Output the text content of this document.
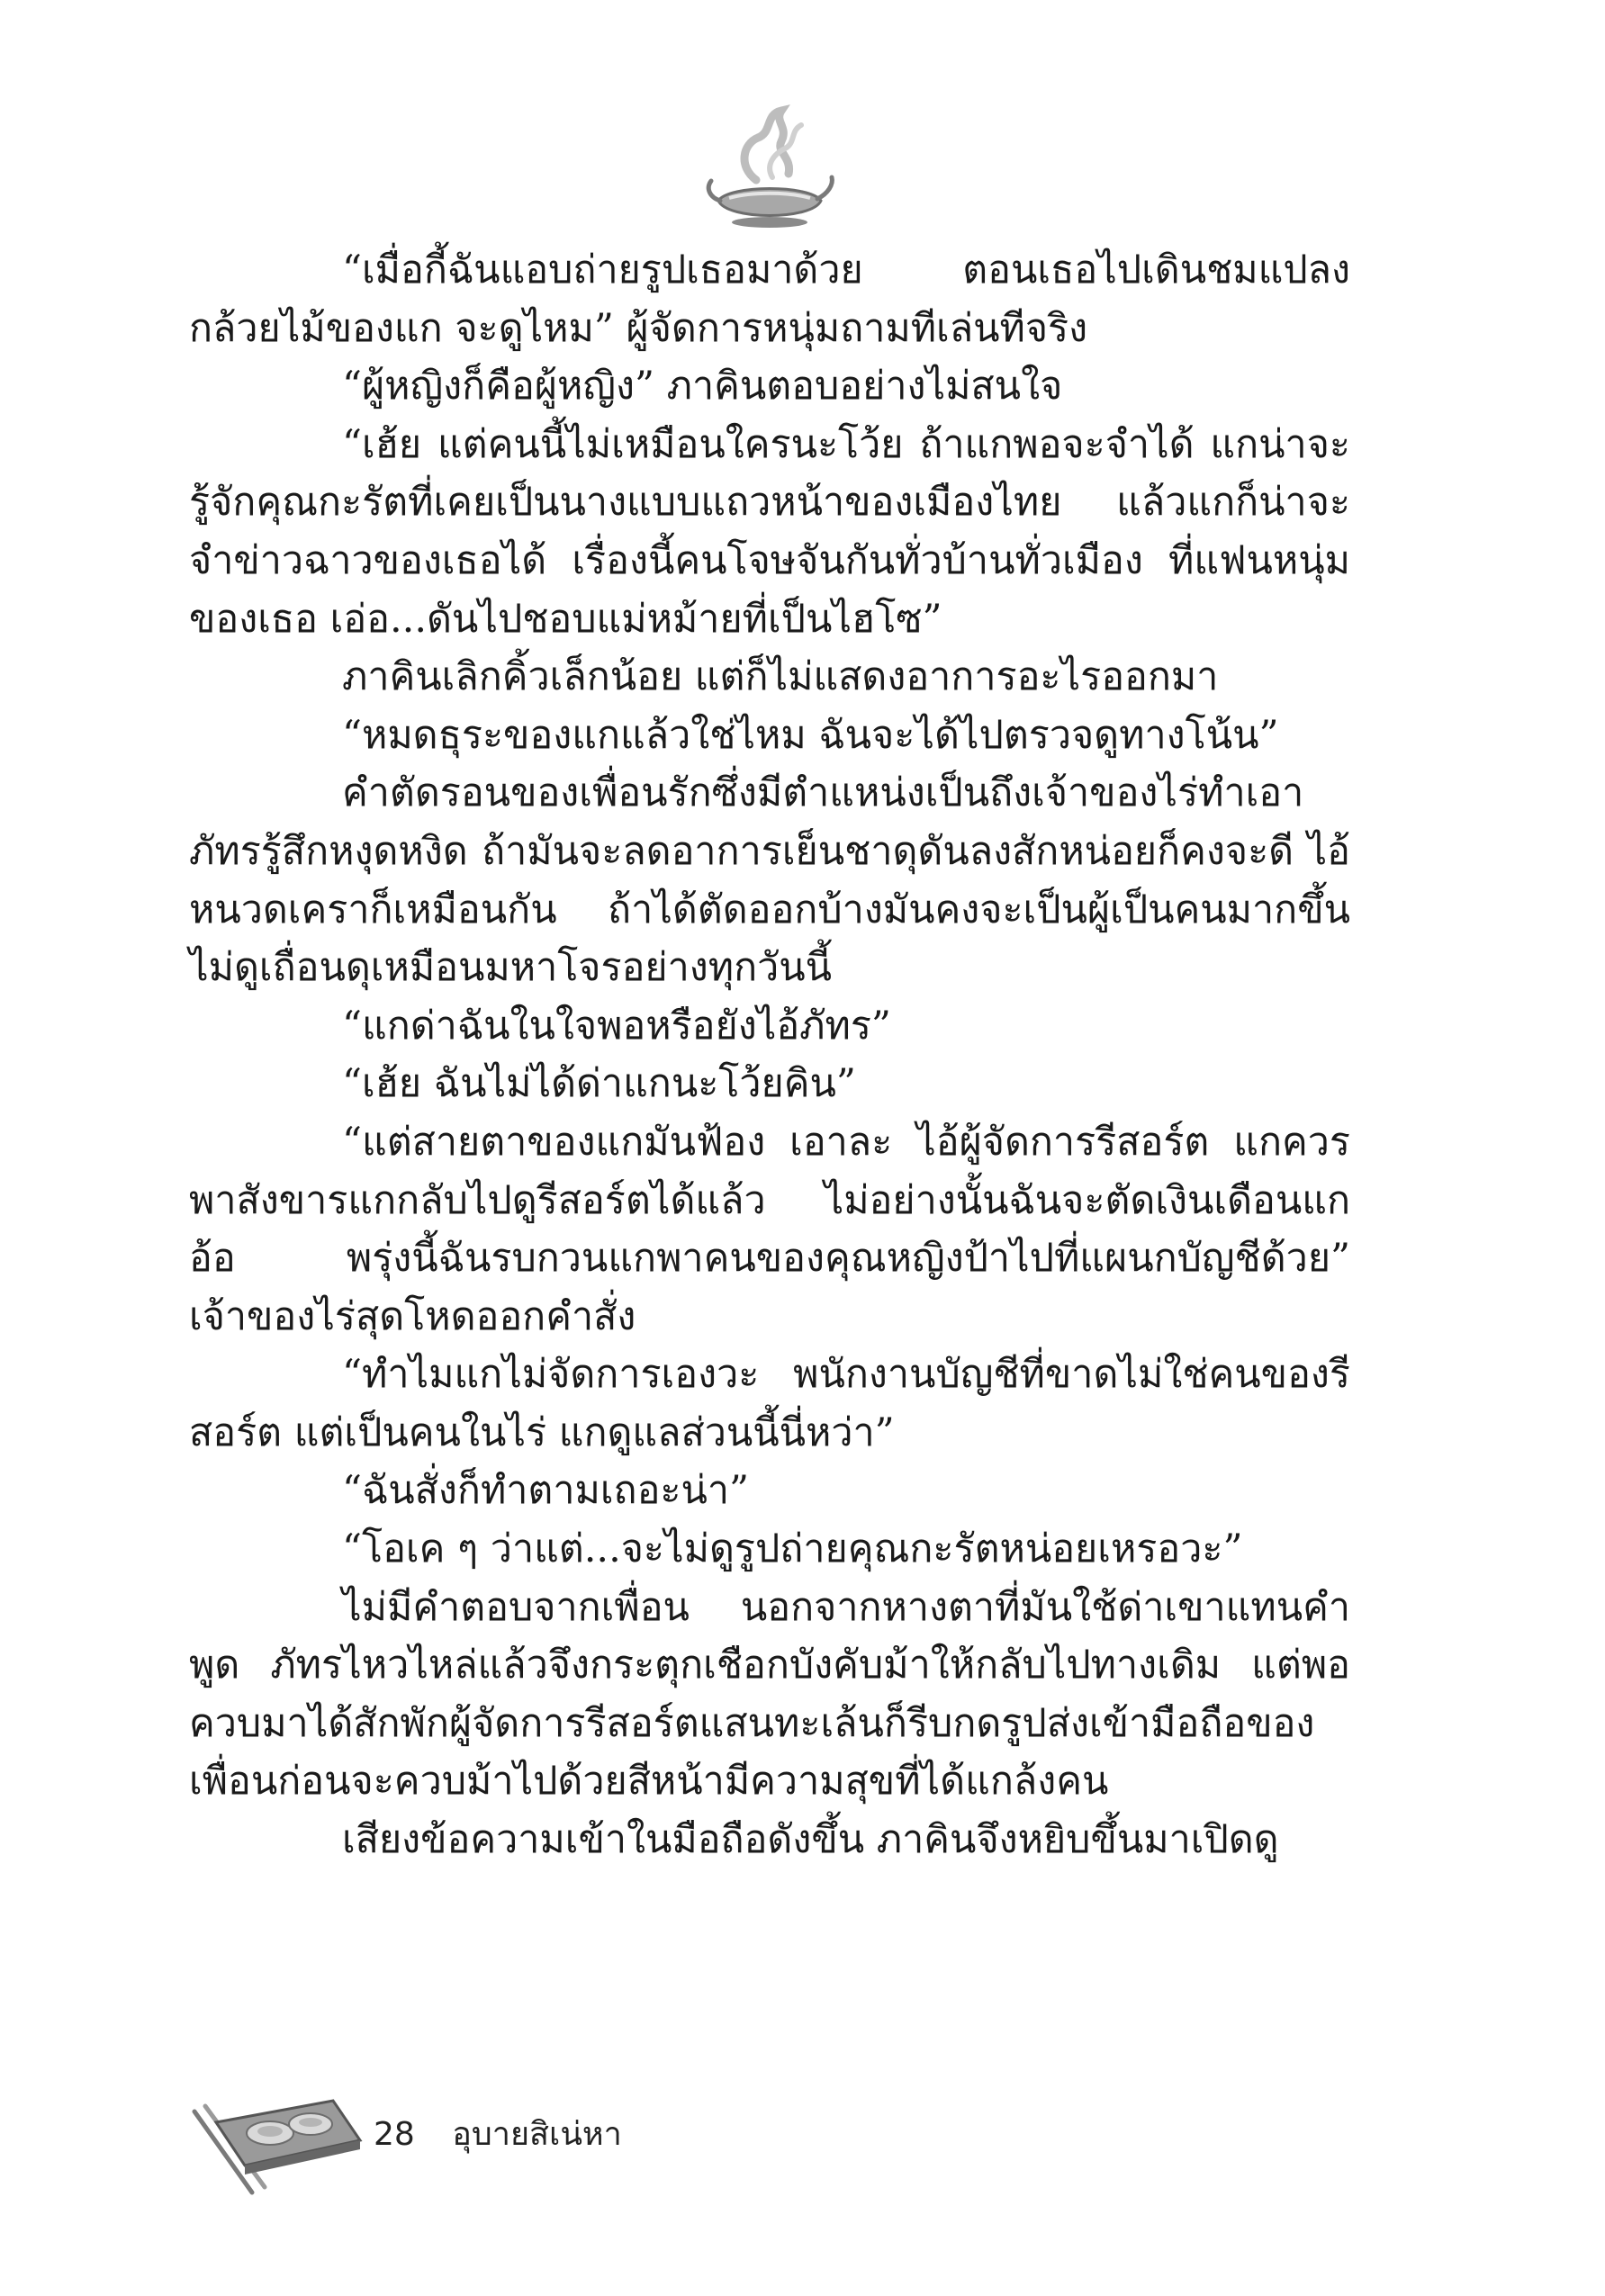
“เมื่อกี้ฉันแอบถ่ายรูปเธอมาด้วย ตอนเธอไปเดินชมแปลงกล้วยไม้ของแก จะดูไหม” ผู้จัดการหนุ่มถามทีเล่นทีจริง

“ผู้หญิงก็คือผู้หญิง” ภาคินตอบอย่างไม่สนใจ

“เฮ้ย แต่คนนี้ไม่เหมือนใครนะโว้ย ถ้าแกพอจะจำได้ แกน่าจะรู้จักคุณกะรัตที่เคยเป็นนางแบบแถวหน้าของเมืองไทย แล้วแกก็น่าจะจำข่าวฉาวของเธอได้ เรื่องนี้คนโจษจันกันทั่วบ้านทั่วเมือง ที่แฟนหนุ่มของเธอ เอ่อ...ดันไปชอบแม่หม้ายที่เป็นไฮโซ”

ภาคินเลิกคิ้วเล็กน้อย แต่ก็ไม่แสดงอาการอะไรออกมา

“หมดธุระของแกแล้วใช่ไหม ฉันจะได้ไปตรวจดูทางโน้น”

คำตัดรอนของเพื่อนรักซึ่งมีตำแหน่งเป็นถึงเจ้าของไร่ทำเอาภัทรรู้สึกหงุดหงิด ถ้ามันจะลดอาการเย็นชาดุดันลงสักหน่อยก็คงจะดี ไอ้หนวดเคราก็เหมือนกัน ถ้าได้ตัดออกบ้างมันคงจะเป็นผู้เป็นคนมากขึ้น ไม่ดูเถื่อนดุเหมือนมหาโจรอย่างทุกวันนี้

“แกด่าฉันในใจพอหรือยังไอ้ภัทร”

“เฮ้ย ฉันไม่ได้ด่าแกนะโว้ยคิน”

“แต่สายตาของแกมันฟ้อง เอาละ ไอ้ผู้จัดการรีสอร์ต แกควรพาสังขารแกกลับไปดูรีสอร์ตได้แล้ว ไม่อย่างนั้นฉันจะตัดเงินเดือนแก อ้อ พรุ่งนี้ฉันรบกวนแกพาคนของคุณหญิงป้าไปที่แผนกบัญชีด้วย” เจ้าของไร่สุดโหดออกคำสั่ง

“ทำไมแกไม่จัดการเองวะ พนักงานบัญชีที่ขาดไม่ใช่คนของรีสอร์ต แต่เป็นคนในไร่ แกดูแลส่วนนี้นี่หว่า”

“ฉันสั่งก็ทำตามเถอะน่า”

“โอเค ๆ ว่าแต่...จะไม่ดูรูปถ่ายคุณกะรัตหน่อยเหรอวะ”

ไม่มีคำตอบจากเพื่อน นอกจากหางตาที่มันใช้ด่าเขาแทนคำพูด ภัทรไหวไหล่แล้วจึงกระตุกเชือกบังคับม้าให้กลับไปทางเดิม แต่พอควบมาได้สักพักผู้จัดการรีสอร์ตแสนทะเล้นก็รีบกดรูปส่งเข้ามือถือของเพื่อนก่อนจะควบม้าไปด้วยสีหน้ามีความสุขที่ได้แกล้งคน

เสียงข้อความเข้าในมือถือดังขึ้น ภาคินจึงหยิบขึ้นมาเปิดดู

28 อุบายสิเน่หา
